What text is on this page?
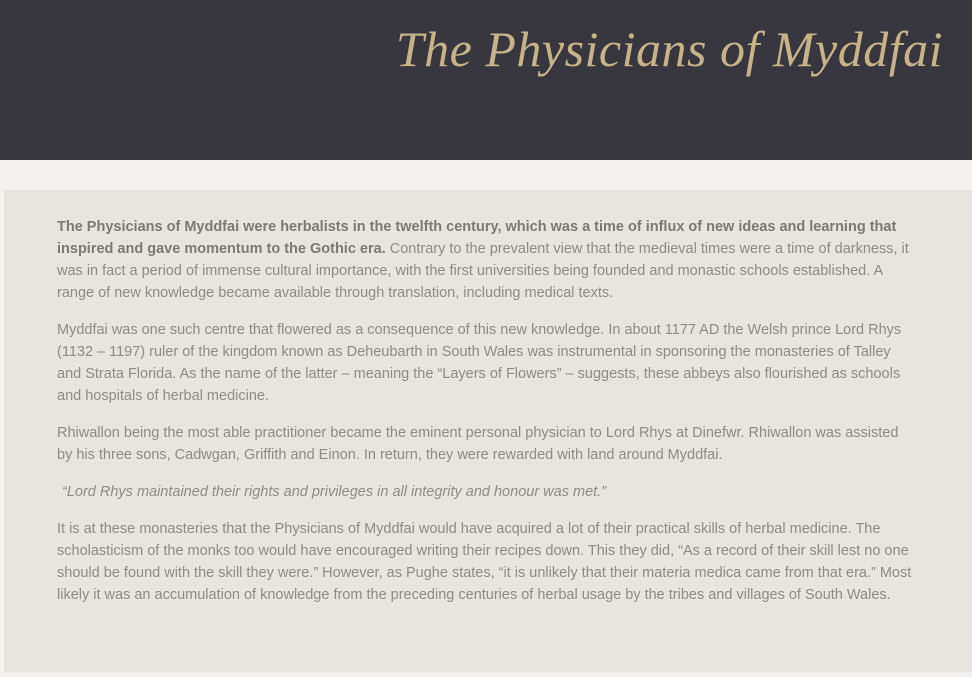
The Physicians of Myddfai

The Physicians of Myddfai were herbalists in the twelfth century, which was a time of influx of new ideas and learning that inspired and gave momentum to the Gothic era. Contrary to the prevalent view that the medieval times were a time of darkness, it was in fact a period of immense cultural importance, with the first universities being founded and monastic schools established. A range of new knowledge became available through translation, including medical texts.

Myddfai was one such centre that flowered as a consequence of this new knowledge. In about 1177 AD the Welsh prince Lord Rhys (1132 – 1197) ruler of the kingdom known as Deheubarth in South Wales was instrumental in sponsoring the monasteries of Talley and Strata Florida. As the name of the latter – meaning the “Layers of Flowers” – suggests, these abbeys also flourished as schools and hospitals of herbal medicine.

Rhiwallon being the most able practitioner became the eminent personal physician to Lord Rhys at Dinefwr. Rhiwallon was assisted by his three sons, Cadwgan, Griffith and Einon. In return, they were rewarded with land around Myddfai.

“Lord Rhys maintained their rights and privileges in all integrity and honour was met.”

It is at these monasteries that the Physicians of Myddfai would have acquired a lot of their practical skills of herbal medicine. The scholasticism of the monks too would have encouraged writing their recipes down. This they did, “As a record of their skill lest no one should be found with the skill they were.” However, as Pughe states, “it is unlikely that their materia medica came from that era.” Most likely it was an accumulation of knowledge from the preceding centuries of herbal usage by the tribes and villages of South Wales.
